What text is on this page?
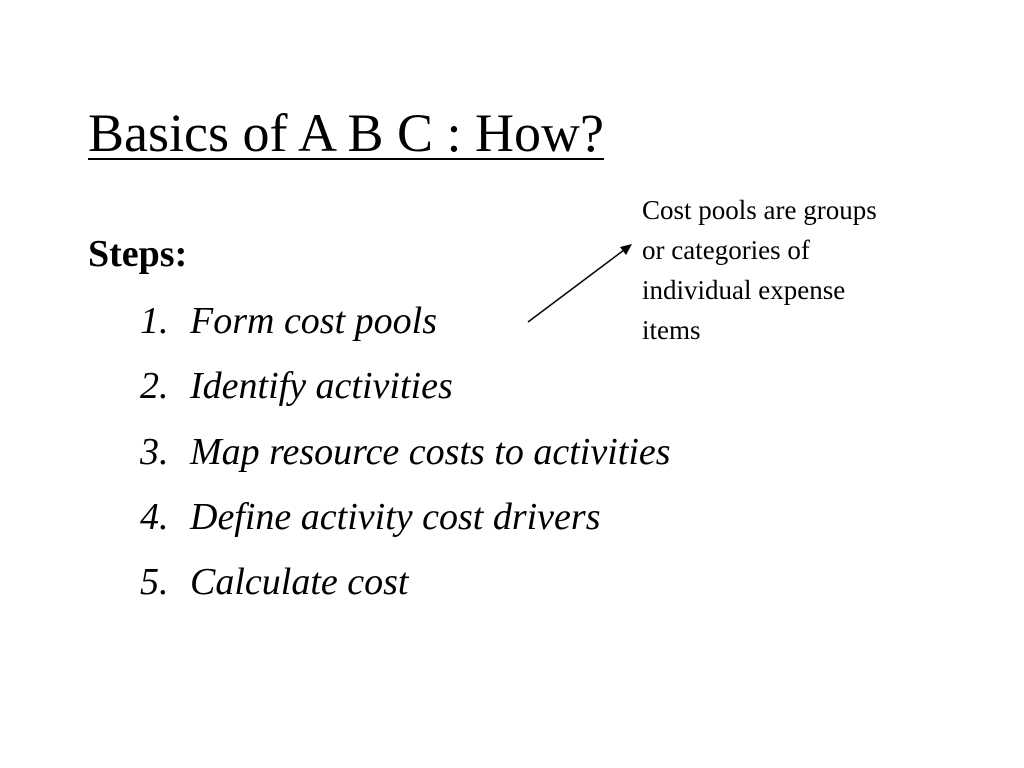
Basics of A B C : How?
Steps:
1. Form cost pools
2. Identify activities
3. Map resource costs to activities
4. Define activity cost drivers
5. Calculate cost
Cost pools are groups
or categories of
individual expense
items
